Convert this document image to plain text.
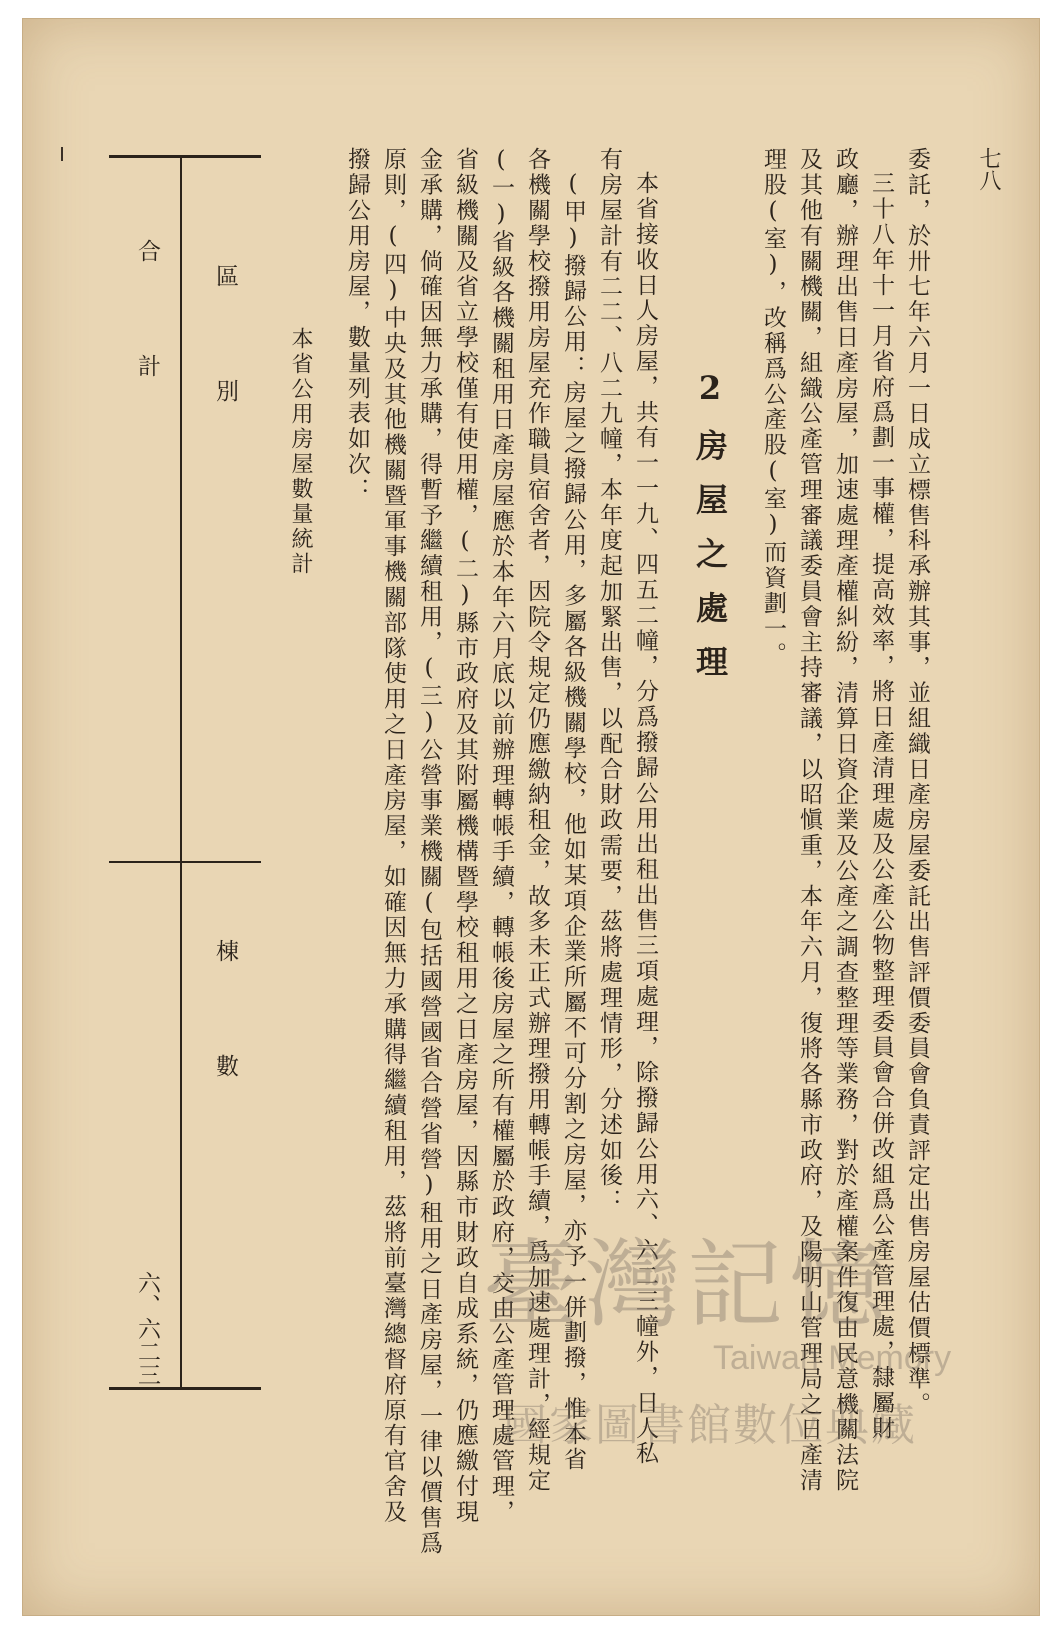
七八
委託，於卅七年六月一日成立標售科承辦其事，並組織日產房屋委託出售評價委員會負責評定出售房屋估價標準。
三十八年十一月省府爲劃一事權，提高效率，將日產清理處及公產公物整理委員會合併改組爲公產管理處，隸屬財
政廳，辦理出售日產房屋，加速處理產權糾紛，清算日資企業及公產之調查整理等業務，對於產權案件復由民意機關法院
及其他有關機關，組織公產管理審議委員會主持審議，以昭愼重，本年六月，復將各縣市政府，及陽明山管理局之日產清
理股(室)，改稱爲公產股(室)而資劃一。
2房屋之處理
本省接收日人房屋，共有一一九、四五二幢，分爲撥歸公用出租出售三項處理，除撥歸公用六、六二三幢外，日人私
有房屋計有二二、八二九幢，本年度起加緊出售，以配合財政需要，茲將處理情形，分述如後：
(甲)撥歸公用：房屋之撥歸公用，多屬各級機關學校，他如某項企業所屬不可分割之房屋，亦予一併劃撥，惟本省
各機關學校撥用房屋充作職員宿舍者，因院令規定仍應繳納租金，故多未正式辦理撥用轉帳手續，爲加速處理計，經規定
(一)省級各機關租用日產房屋應於本年六月底以前辦理轉帳手續，轉帳後房屋之所有權屬於政府，交由公產管理處管理，
省級機關及省立學校僅有使用權，(二)縣市政府及其附屬機構暨學校租用之日產房屋，因縣市財政自成系統，仍應繳付現
金承購，倘確因無力承購，得暫予繼續租用，(三)公營事業機關(包括國營國省合營省營)租用之日產房屋，一律以價售爲
原則，(四)中央及其他機關暨軍事機關部隊使用之日產房屋，如確因無力承購得繼續租用，茲將前臺灣總督府原有官舍及
撥歸公用房屋，數量列表如次：
本省公用房屋數量統計
區　　　　別
棟　　　　數
合　　　　計
六、六二三	臺灣記憶
Taiwan Memory
國家圖書館數位典藏
